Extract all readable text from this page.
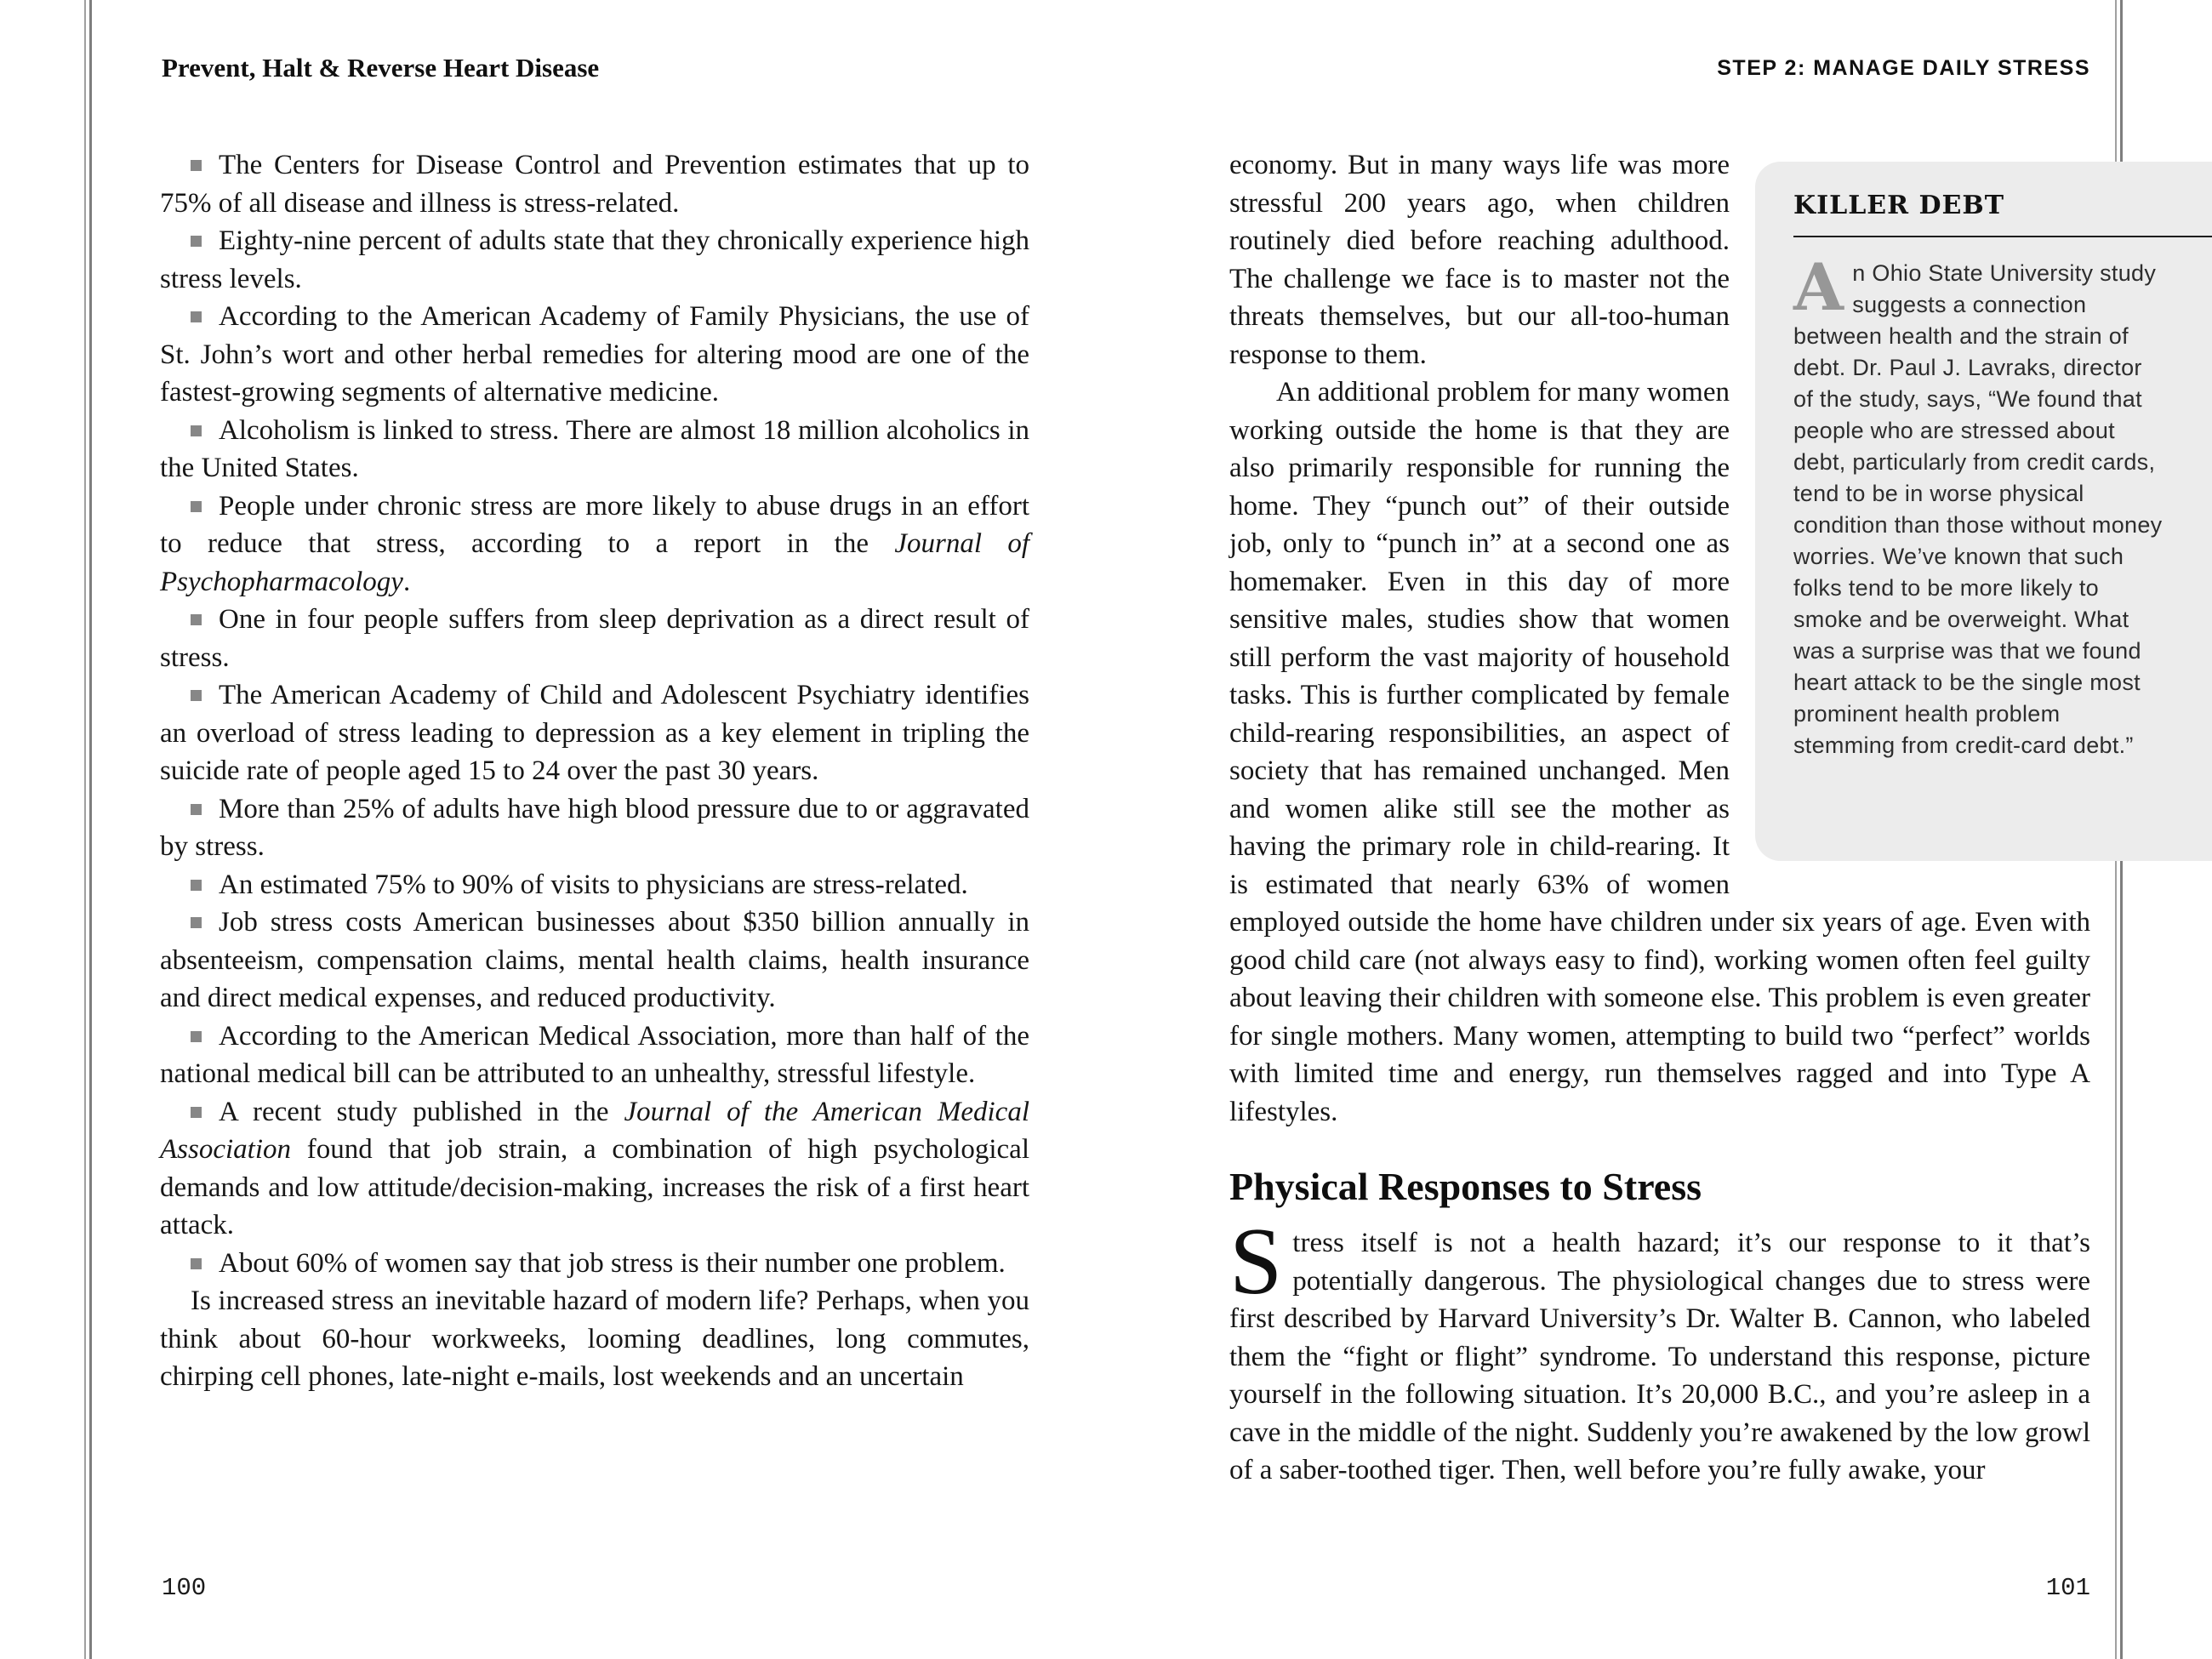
Prevent, Halt & Reverse Heart Disease	STEP 2: MANAGE DAILY STRESS

The Centers for Disease Control and Prevention estimates that up to 75% of all disease and illness is stress-related.

Eighty-nine percent of adults state that they chronically experience high stress levels.

According to the American Academy of Family Physicians, the use of St. John’s wort and other herbal remedies for altering mood are one of the fastest-growing segments of alternative medicine.

Alcoholism is linked to stress. There are almost 18 million alcoholics in the United States.

People under chronic stress are more likely to abuse drugs in an effort to reduce that stress, according to a report in the Journal of Psychopharmacology.

One in four people suffers from sleep deprivation as a direct result of stress.

The American Academy of Child and Adolescent Psychiatry identifies an overload of stress leading to depression as a key element in tripling the suicide rate of people aged 15 to 24 over the past 30 years.

More than 25% of adults have high blood pressure due to or aggravated by stress.

An estimated 75% to 90% of visits to physicians are stress-related.

Job stress costs American businesses about $350 billion annually in absenteeism, compensation claims, mental health claims, health insurance and direct medical expenses, and reduced productivity.

According to the American Medical Association, more than half of the national medical bill can be attributed to an unhealthy, stressful lifestyle.

A recent study published in the Journal of the American Medical Association found that job strain, a combination of high psychological demands and low attitude/decision-making, increases the risk of a first heart attack.

About 60% of women say that job stress is their number one problem.

Is increased stress an inevitable hazard of modern life? Perhaps, when you think about 60-hour workweeks, looming deadlines, long commutes, chirping cell phones, late-night e-mails, lost weekends and an uncertain

KILLER DEBT
An Ohio State University study suggests a connection between health and the strain of debt. Dr. Paul J. Lavraks, director of the study, says, “We found that people who are stressed about debt, particularly from credit cards, tend to be in worse physical condition than those without money worries. We’ve known that such folks tend to be more likely to smoke and be overweight. What was a surprise was that we found heart attack to be the single most prominent health problem stemming from credit-card debt.”

economy. But in many ways life was more stressful 200 years ago, when children routinely died before reaching adulthood. The challenge we face is to master not the threats themselves, but our all-too-human response to them.

An additional problem for many women working outside the home is that they are also primarily responsible for running the home. They “punch out” of their outside job, only to “punch in” at a second one as homemaker. Even in this day of more sensitive males, studies show that women still perform the vast majority of household tasks. This is further complicated by female child-rearing responsibilities, an aspect of society that has remained unchanged. Men and women alike still see the mother as having the primary role in child-rearing. It is estimated that nearly 63% of women employed outside the home have children under six years of age. Even with good child care (not always easy to find), working women often feel guilty about leaving their children with someone else. This problem is even greater for single mothers. Many women, attempting to build two “perfect” worlds with limited time and energy, run themselves ragged and into Type A lifestyles.

Physical Responses to Stress

Stress itself is not a health hazard; it’s our response to it that’s potentially dangerous. The physiological changes due to stress were first described by Harvard University’s Dr. Walter B. Cannon, who labeled them the “fight or flight” syndrome. To understand this response, picture yourself in the following situation. It’s 20,000 B.C., and you’re asleep in a cave in the middle of the night. Suddenly you’re awakened by the low growl of a saber-toothed tiger. Then, well before you’re fully awake, your

100	101
